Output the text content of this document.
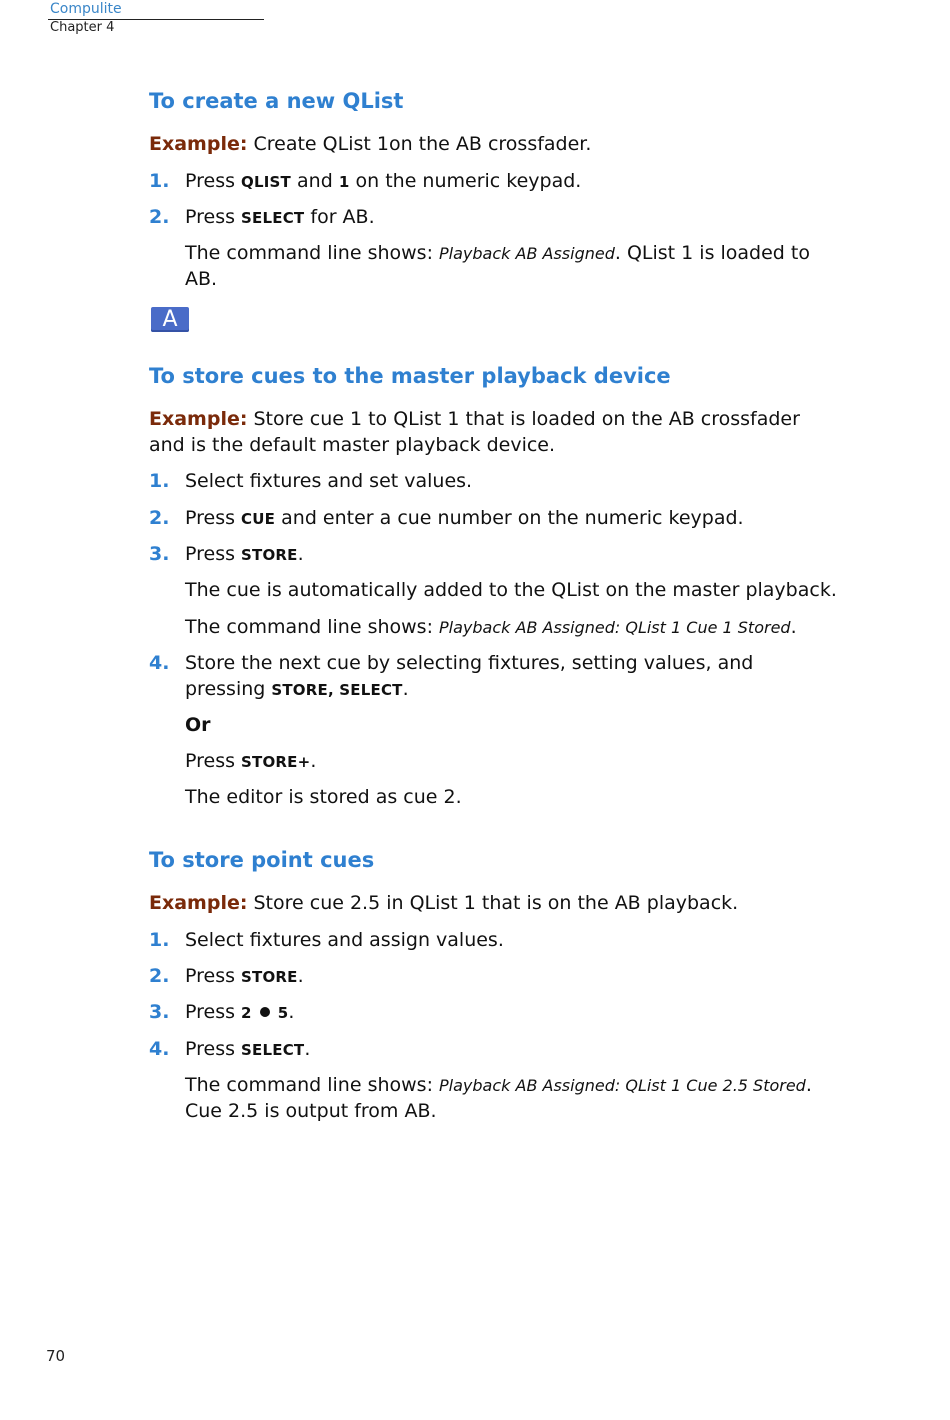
Compulite
Chapter 4
To create a new QList
Example: Create QList 1on the AB crossfader.
1. Press QLIST and 1 on the numeric keypad.
2. Press SELECT for AB.
The command line shows: Playback AB Assigned. QList 1 is loaded to
AB.
A
To store cues to the master playback device
Example: Store cue 1 to QList 1 that is loaded on the AB crossfader
and is the default master playback device.
1. Select fixtures and set values.
2. Press CUE and enter a cue number on the numeric keypad.
3. Press STORE.
The cue is automatically added to the QList on the master playback.
The command line shows: Playback AB Assigned: QList 1 Cue 1 Stored.
4. Store the next cue by selecting fixtures, setting values, and
pressing STORE, SELECT.
Or
Press STORE+.
The editor is stored as cue 2.
To store point cues
Example: Store cue 2.5 in QList 1 that is on the AB playback.
1. Select fixtures and assign values.
2. Press STORE.
3. Press 2 5.
4. Press SELECT.
The command line shows: Playback AB Assigned: QList 1 Cue 2.5 Stored.
Cue 2.5 is output from AB.
70
